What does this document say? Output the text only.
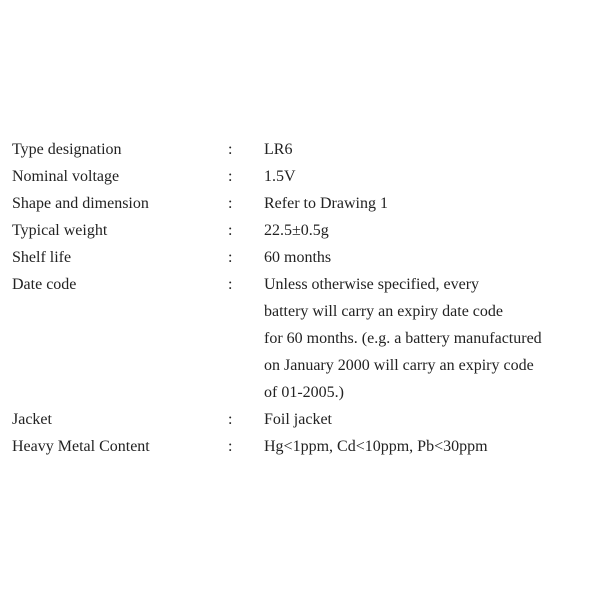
Type designation	:	LR6
Nominal voltage	:	1.5V
Shape and dimension	:	Refer to Drawing 1
Typical weight	:	22.5±0.5g
Shelf life	:	60 months
Date code	:	Unless otherwise specified, every
battery will carry an expiry date code
for 60 months. (e.g. a battery manufactured
on January 2000 will carry an expiry code
of 01-2005.)
Jacket	:	Foil jacket
Heavy Metal Content	:	Hg<1ppm, Cd<10ppm, Pb<30ppm
